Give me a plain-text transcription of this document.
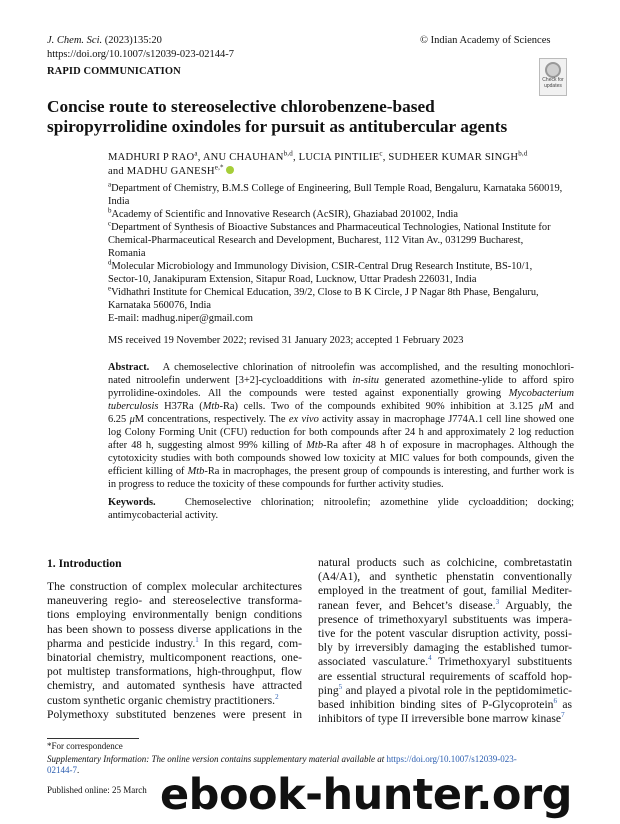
J. Chem. Sci. (2023)135:20
https://doi.org/10.1007/s12039-023-02144-7
© Indian Academy of Sciences
RAPID COMMUNICATION
Check for
updates
Concise route to stereoselective chlorobenzene-based
spiropyrrolidine oxindoles for pursuit as antitubercular agents
MADHURI P RAO$^a$, ANU CHAUHAN$^{b,d}$, LUCIA PINTILIE$^c$, SUDHEER KUMAR SINGH$^{b,d}$
and MADHU $GANESH^{e,*}$
$^a$Department of Chemistry, B.M.S College of Engineering, Bull Temple Road, Bengaluru, Karnataka 560019,
India
$^b$Academy of Scientific and Innovative Research (AcSIR), Ghaziabad 201002, India
$^c$Department of Synthesis of Bioactive Substances and Pharmaceutical Technologies, National Institute for
Chemical-Pharmaceutical Research and Development, Bucharest, 112 Vitan Av., 031299 Bucharest,
Romania
$^d$Molecular Microbiology and Immunology Division, CSIR-Central Drug Research Institute, BS-10/1,
Sector-10, Janakipuram Extension, Sitapur Road, Lucknow, Uttar Pradesh 226031, India
$^e$Vidhathri Institute for Chemical Education, 39/2, Close to B K Circle, J P Nagar 8th Phase, Bengaluru,
Karnataka 560076, India
E-mail: madhug.niper@gmail.com
MS received 19 November 2022; revised 31 January 2023; accepted 1 February 2023
Abstract. A chemoselective chlorination of nitroolefin was accomplished, and the resulting monochlori-
nated nitroolefin underwent [3+2]-cycloadditions with in-situ generated azomethine-ylide to afford spiro
pyrrolidine-oxindoles. All the compounds were tested against exponentially growing Mycobacterium
tuberculosis H37Ra (Mtb-Ra) cells. Two of the compounds exhibited 90% inhibition at 3.125 μM and
6.25 μM concentrations, respectively. The ex vivo activity assay in macrophage J774A.1 cell line showed one
log Colony Forming Unit (CFU) reduction for both compounds after 24 h and approximately 2 log reduction
after 48 h, suggesting almost 99% killing of Mtb-Ra after 48 h of exposure in macrophages. Although the
cytotoxicity studies with both compounds showed low toxicity at MIC values for both compounds, given the
efficient killing of Mtb-Ra in macrophages, the present group of compounds is interesting, and further work is
in progress to reduce the toxicity of these compounds for further activity studies.
Keywords.	Chemoselective chlorination; nitroolefin; azomethine ylide cycloaddition; docking;
antimycobacterial activity.
1. Introduction
The construction of complex molecular architectures
maneuvering regio- and stereoselective transforma-
tions employing environmentally benign conditions
has been shown to possess diverse applications in the
pharma and pesticide industry.$^1$ In this regard, com-
binatorial chemistry, multicomponent reactions, one-
pot multistep transformations, high-throughput, flow
chemistry, and automated synthesis have attracted
custom synthetic organic chemistry practitioners.$^2$
Polymethoxy substituted benzenes were present in
natural products such as colchicine, combretastatin
(A4/A1), and synthetic phenstatin conventionally
employed in the treatment of gout, familial Mediter-
ranean fever, and Behcet’s disease.$^3$ Arguably, the
presence of trimethoxyaryl substituents was impera-
tive for the potent vascular disruption activity, possi-
bly by irreversibly damaging the established tumor-
associated vasculature.$^4$ Trimethoxyaryl substituents
are essential structural requirements of scaffold hop-
ping$^5$ and played a pivotal role in the peptidomimetic-
based inhibition binding sites of P-Glycoprotein$^6$ as
inhibitors of type II irreversible bone marrow kinase$^7$
*For correspondence
Supplementary Information: The online version contains supplementary material available at https://doi.org/10.1007/s12039-023-
02144-7.
Published online: 25 March ebook-hunter.org
